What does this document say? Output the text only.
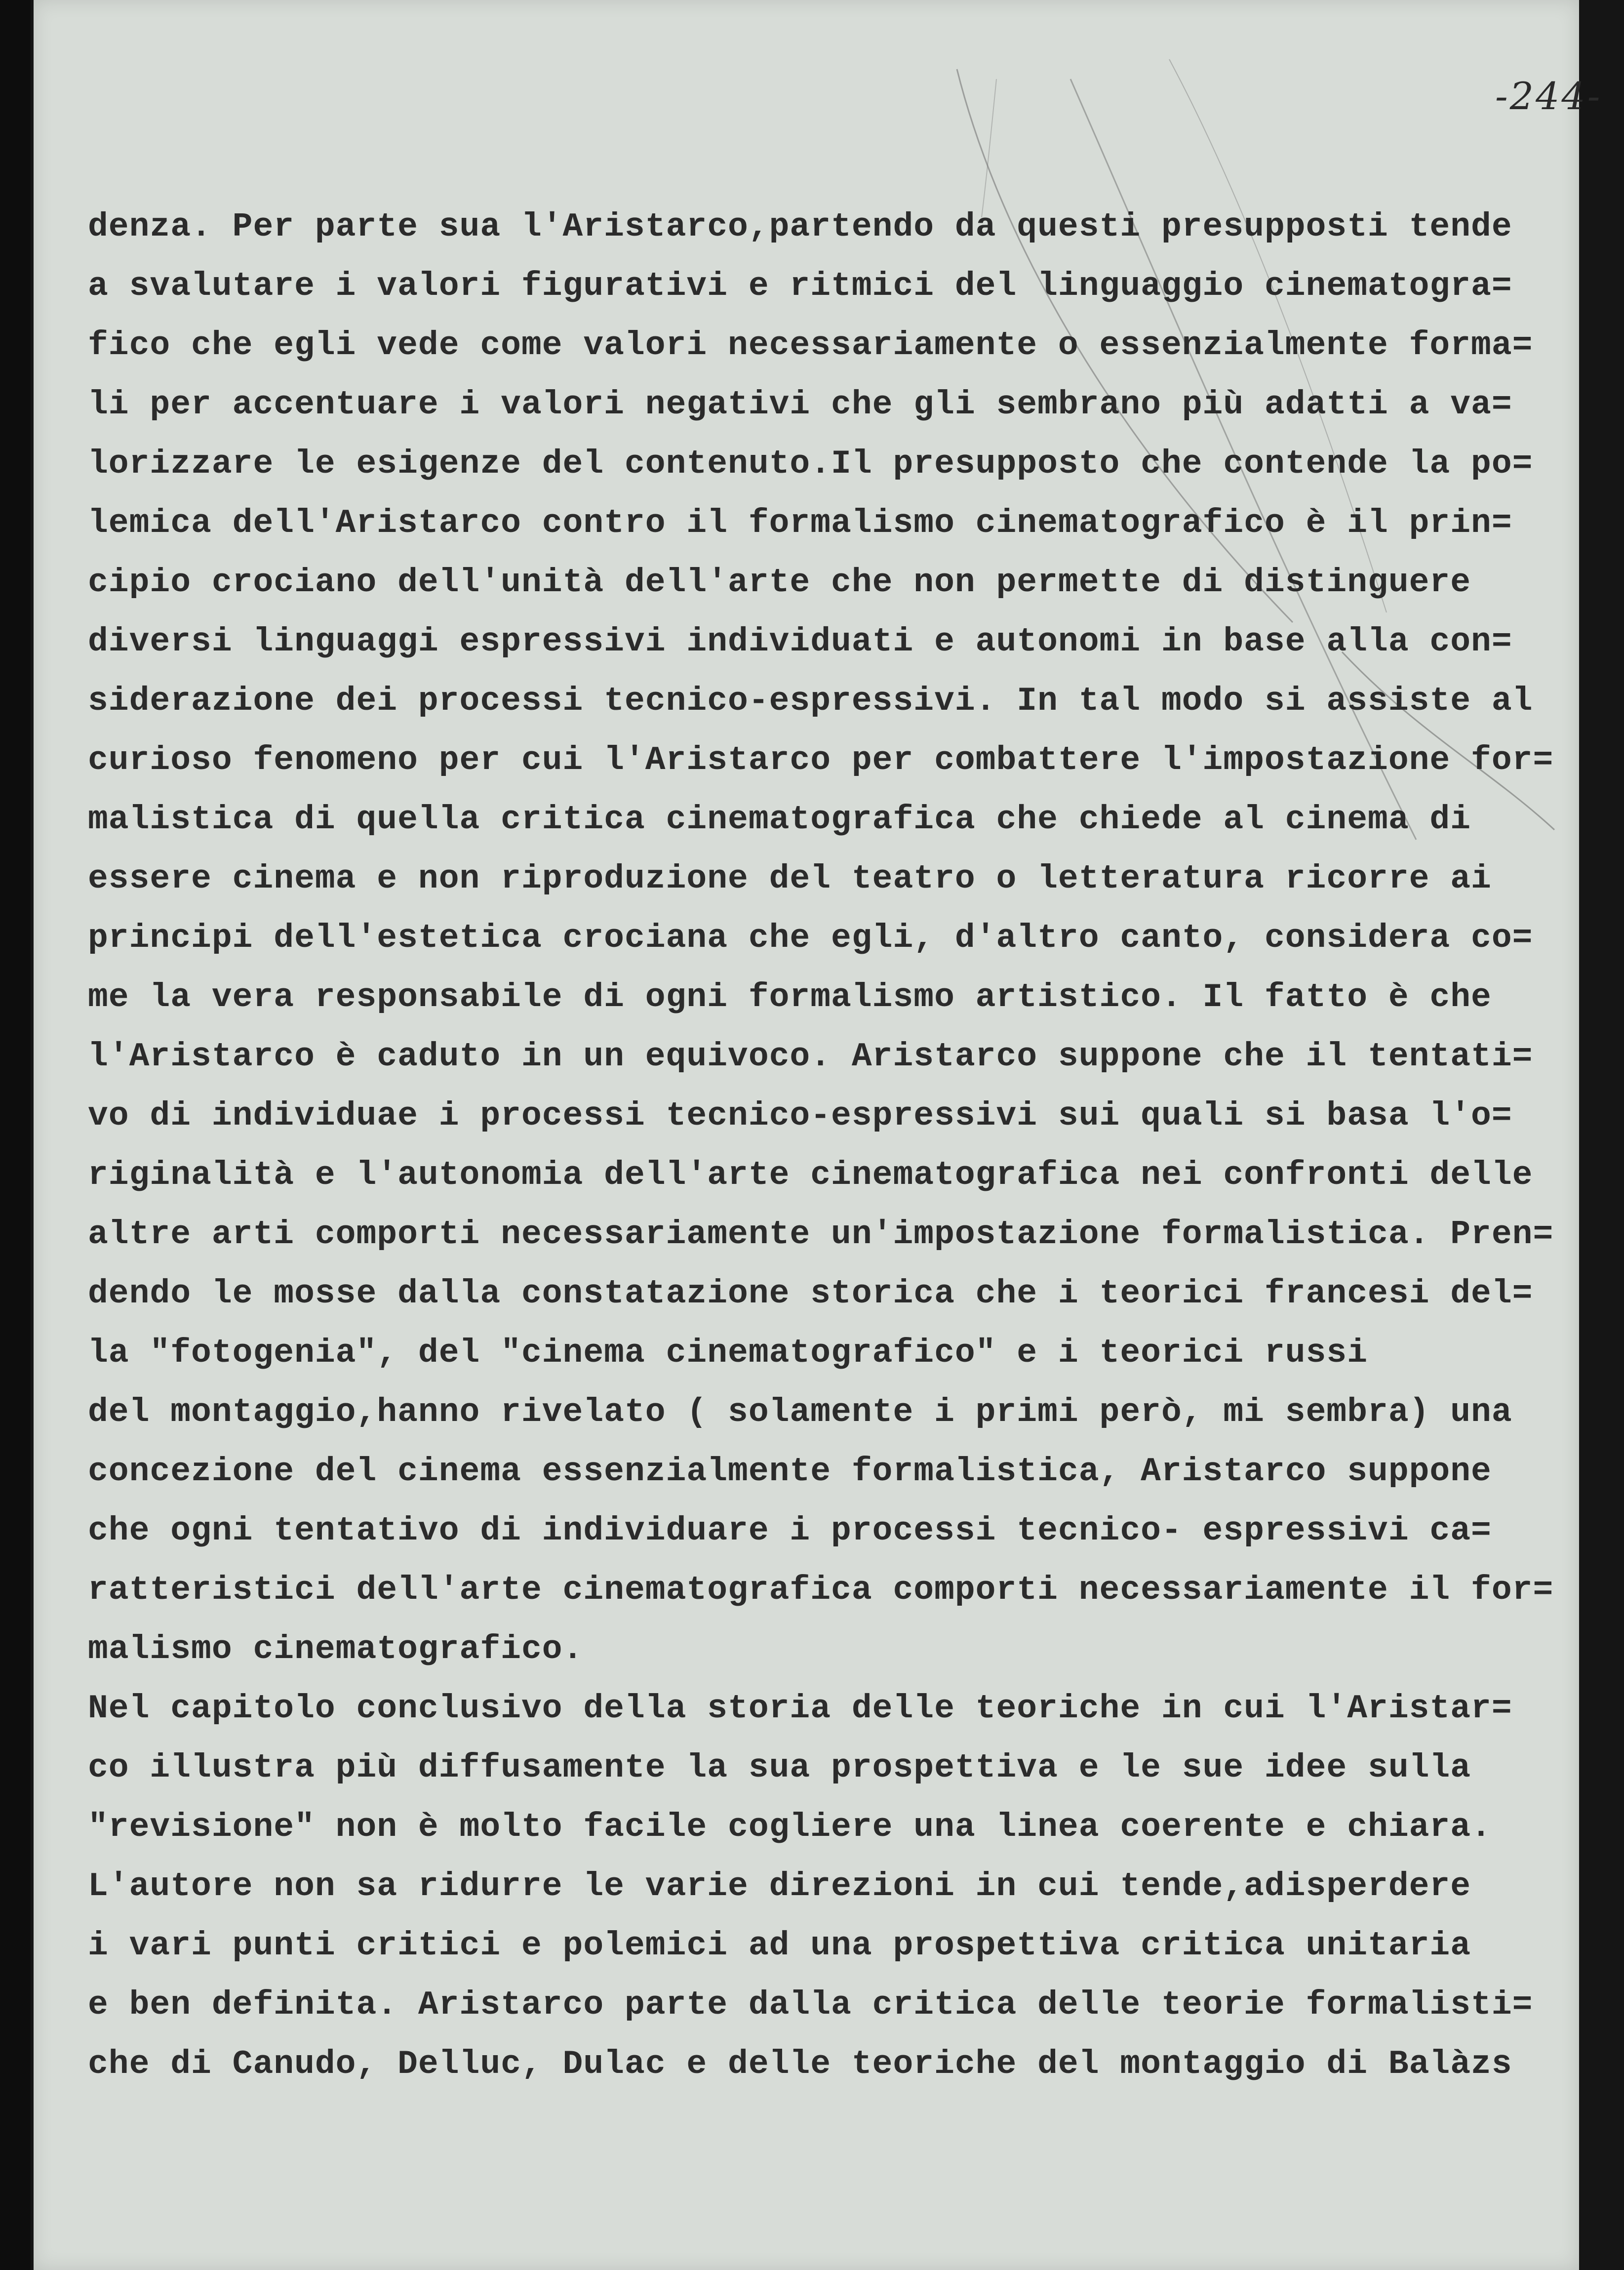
-244-
denza. Per parte sua l'Aristarco,partendo da questi presupposti tende
a svalutare i valori figurativi e ritmici del linguaggio cinematogra=
fico che egli vede come valori necessariamente o essenzialmente forma=
li per accentuare i valori negativi che gli sembrano più adatti a va=
lorizzare le esigenze del contenuto.Il presupposto che contende la po=
lemica dell'Aristarco contro il formalismo cinematografico è il prin=
cipio crociano dell'unità dell'arte che non permette di distinguere
diversi linguaggi espressivi individuati e autonomi in base alla con=
siderazione dei processi tecnico-espressivi. In tal modo si assiste al
curioso fenomeno per cui l'Aristarco per combattere l'impostazione for=
malistica di quella critica cinematografica che chiede al cinema di
essere cinema e non riproduzione del teatro o letteratura ricorre ai
principi dell'estetica crociana che egli, d'altro canto, considera co=
me la vera responsabile di ogni formalismo artistico. Il fatto è che
l'Aristarco è caduto in un equivoco. Aristarco suppone che il tentati=
vo di individuae i processi tecnico-espressivi sui quali si basa l'o=
riginalità e l'autonomia dell'arte cinematografica nei confronti delle
altre arti comporti necessariamente un'impostazione formalistica. Pren=
dendo le mosse dalla constatazione storica che i teorici francesi del=
la "fotogenia", del "cinema cinematografico" e i teorici russi
del montaggio,hanno rivelato ( solamente i primi però, mi sembra) una
concezione del cinema essenzialmente formalistica, Aristarco suppone
che ogni tentativo di individuare i processi tecnico- espressivi ca=
ratteristici dell'arte cinematografica comporti necessariamente il for=
malismo cinematografico.
Nel capitolo conclusivo della storia delle teoriche in cui l'Aristar=
co illustra più diffusamente la sua prospettiva e le sue idee sulla
"revisione" non è molto facile cogliere una linea coerente e chiara.
L'autore non sa ridurre le varie direzioni in cui tende,adisperdere
i vari punti critici e polemici ad una prospettiva critica unitaria
e ben definita. Aristarco parte dalla critica delle teorie formalisti=
che di Canudo, Delluc, Dulac e delle teoriche del montaggio di Balàzs
